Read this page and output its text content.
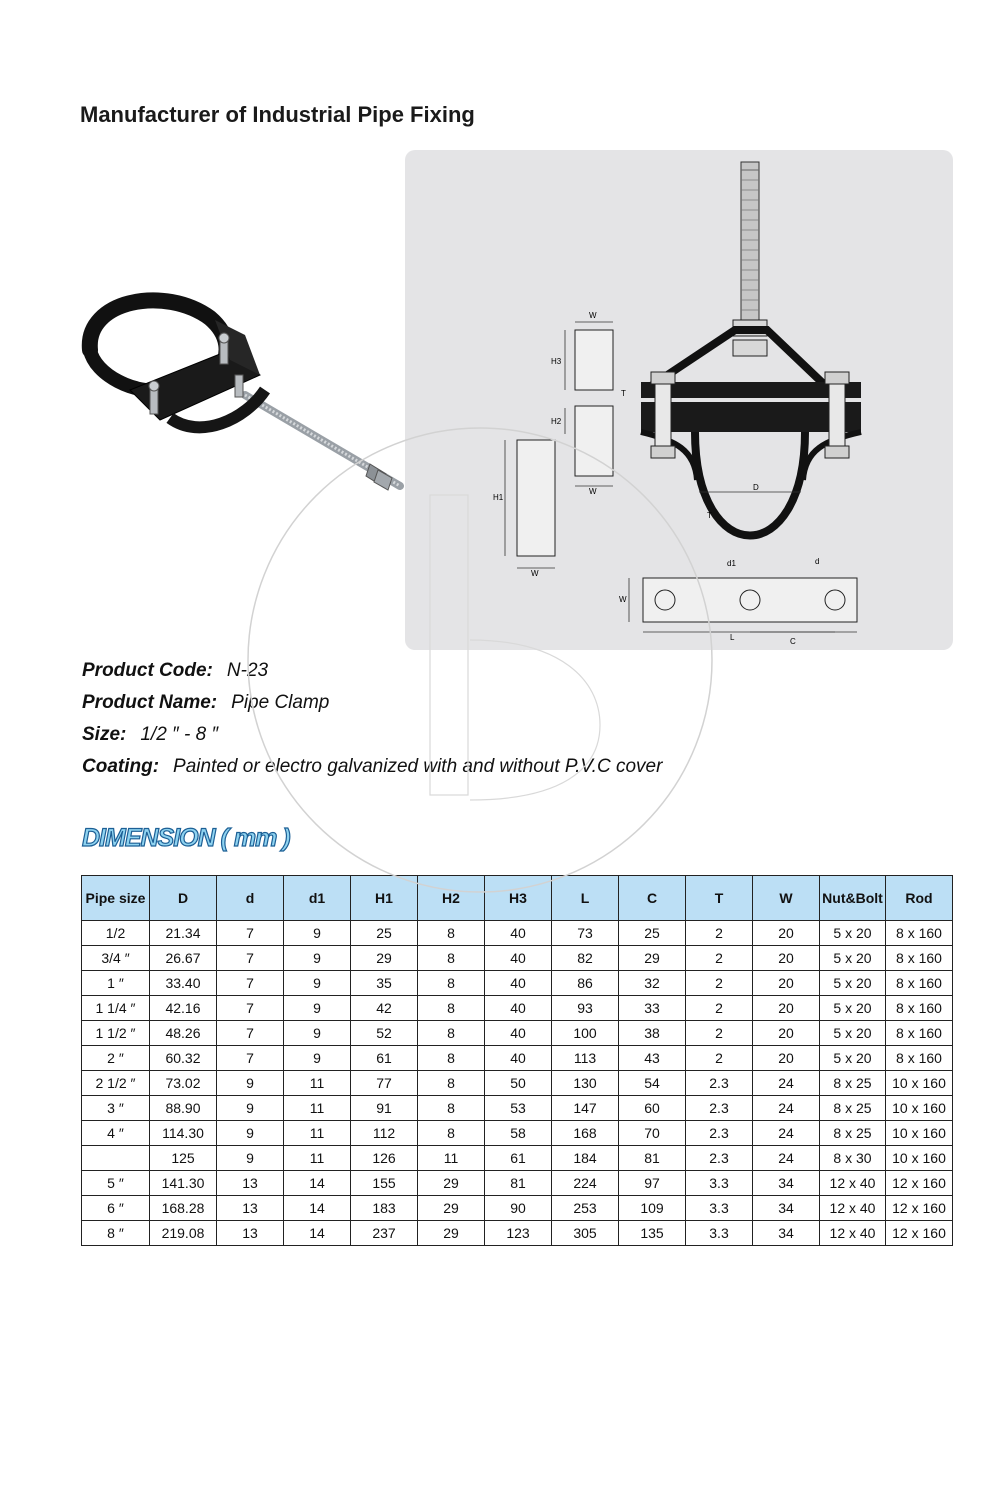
Manufacturer of Industrial Pipe Fixing
D
T
W
H3
T
H2
W
H1
W
d1	d
W
L	C
Product Code: N-23
Product Name: Pipe Clamp
Size: 1/2 ″ - 8 ″
Coating: Painted or electro galvanized with and without P.V.C cover
DIMENSION ( mm )
Pipe size	D	d	d1	H1	H2	H3	L	C	T	W	Nut&Bolt	Rod
1/2	21.34	7	9	25	8	40	73	25	2	20	5 x 20	8 x 160
3/4 ″	26.67	7	9	29	8	40	82	29	2	20	5 x 20	8 x 160
1 ″	33.40	7	9	35	8	40	86	32	2	20	5 x 20	8 x 160
1 1/4 ″	42.16	7	9	42	8	40	93	33	2	20	5 x 20	8 x 160
1 1/2 ″	48.26	7	9	52	8	40	100	38	2	20	5 x 20	8 x 160
2 ″	60.32	7	9	61	8	40	113	43	2	20	5 x 20	8 x 160
2 1/2 ″	73.02	9	11	77	8	50	130	54	2.3	24	8 x 25	10 x 160
3 ″	88.90	9	11	91	8	53	147	60	2.3	24	8 x 25	10 x 160
4 ″	114.30	9	11	112	8	58	168	70	2.3	24	8 x 25	10 x 160
	125	9	11	126	11	61	184	81	2.3	24	8 x 30	10 x 160
5 ″	141.30	13	14	155	29	81	224	97	3.3	34	12 x 40	12 x 160
6 ″	168.28	13	14	183	29	90	253	109	3.3	34	12 x 40	12 x 160
8 ″	219.08	13	14	237	29	123	305	135	3.3	34	12 x 40	12 x 160
